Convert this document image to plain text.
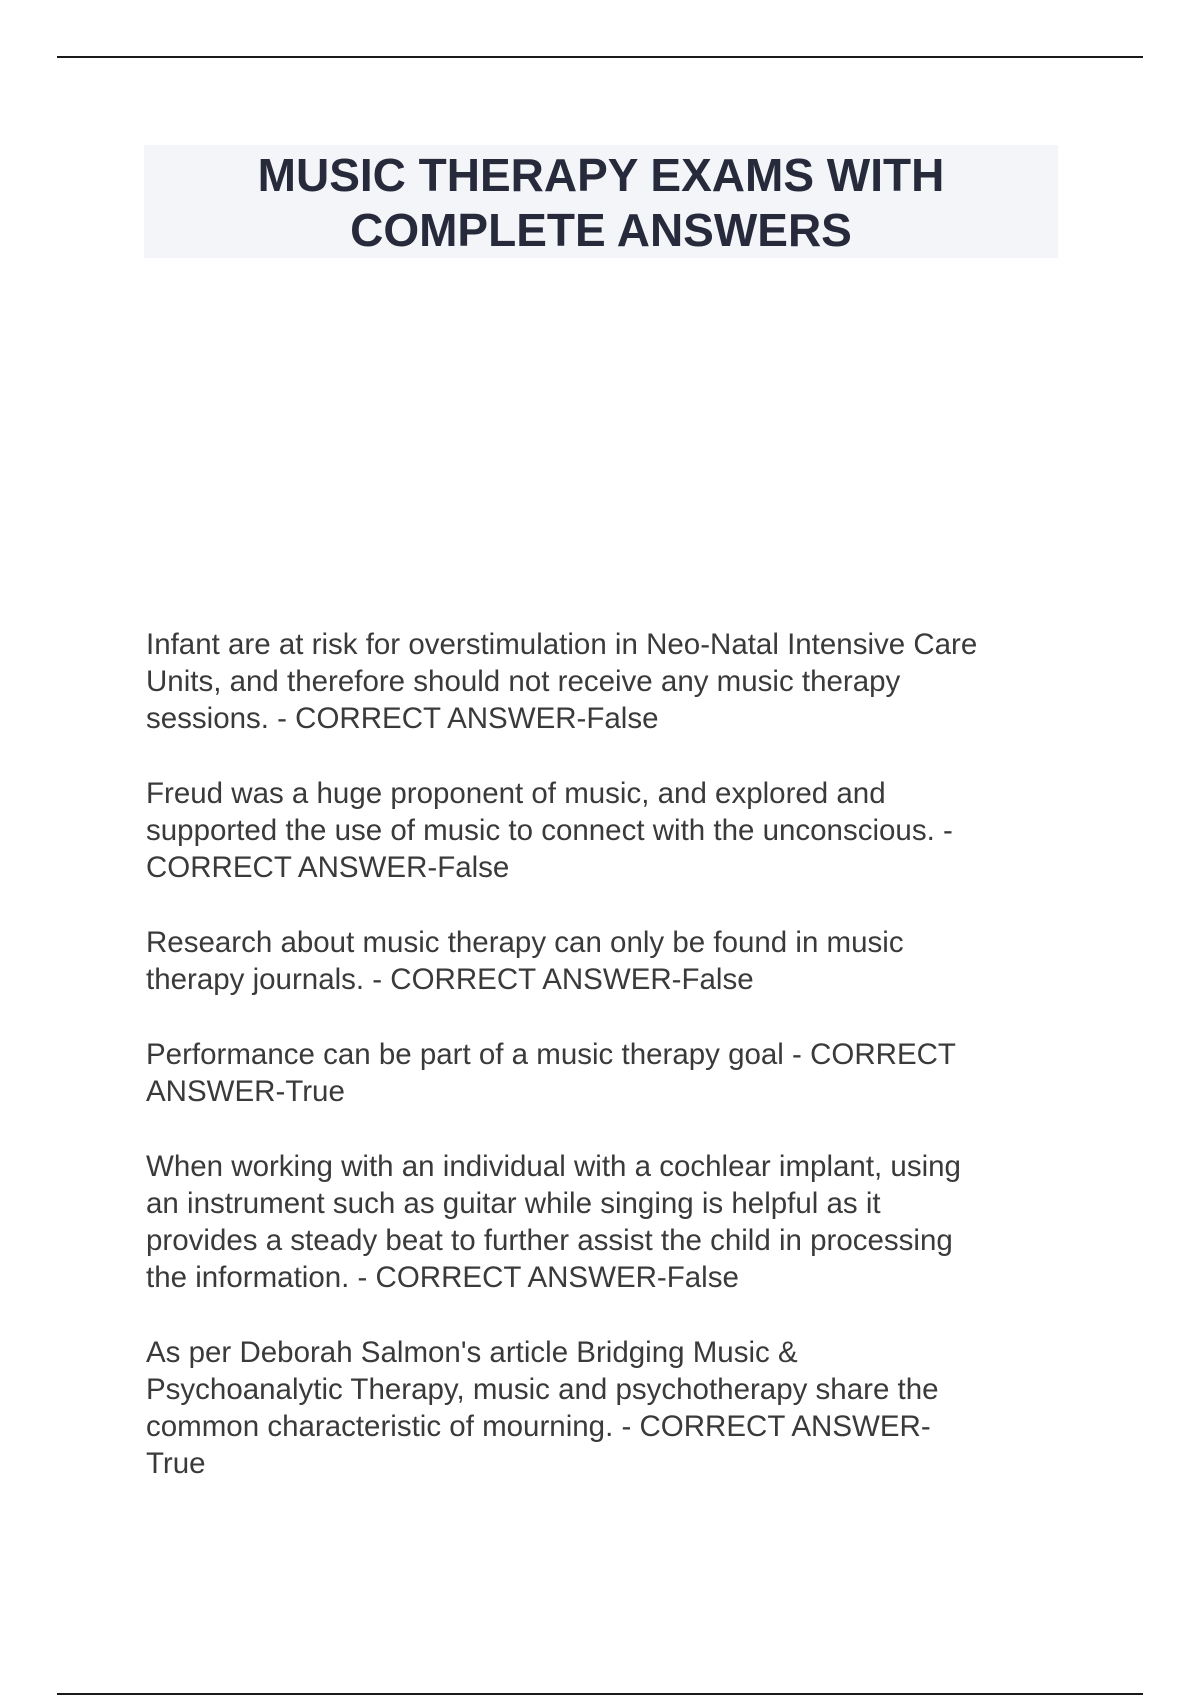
MUSIC THERAPY EXAMS WITH
COMPLETE ANSWERS

Infant are at risk for overstimulation in Neo-Natal Intensive Care
Units, and therefore should not receive any music therapy
sessions. - CORRECT ANSWER-False

Freud was a huge proponent of music, and explored and
supported the use of music to connect with the unconscious. -
CORRECT ANSWER-False

Research about music therapy can only be found in music
therapy journals. - CORRECT ANSWER-False

Performance can be part of a music therapy goal - CORRECT
ANSWER-True

When working with an individual with a cochlear implant, using
an instrument such as guitar while singing is helpful as it
provides a steady beat to further assist the child in processing
the information. - CORRECT ANSWER-False

As per Deborah Salmon's article Bridging Music &
Psychoanalytic Therapy, music and psychotherapy share the
common characteristic of mourning. - CORRECT ANSWER-
True
